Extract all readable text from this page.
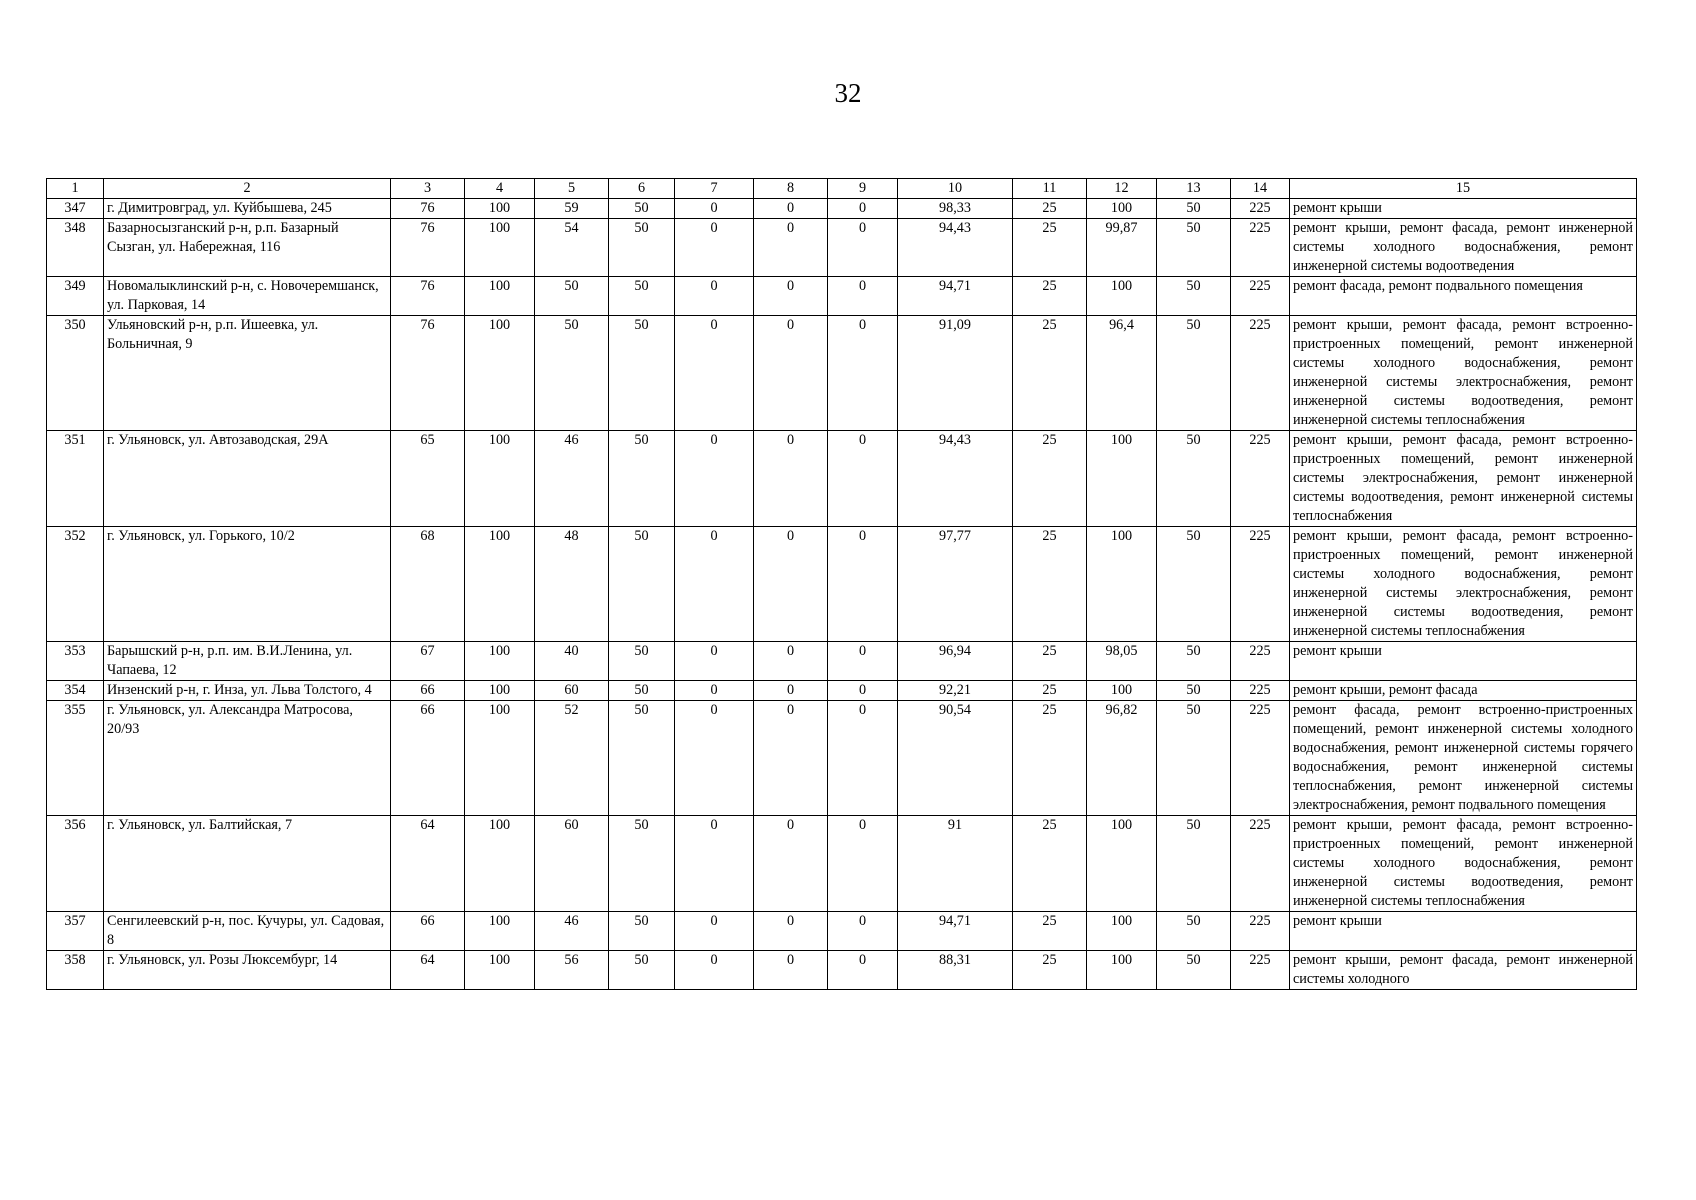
32
1	2	3	4	5	6	7	8	9	10	11	12	13	14	15
347	г. Димитровград, ул. Куйбышева, 245	76	100	59	50	0	0	0	98,33	25	100	50	225	ремонт крыши
348	Базарносызганский р-н, р.п. Базарный Сызган, ул. Набережная, 116	76	100	54	50	0	0	0	94,43	25	99,87	50	225	ремонт крыши, ремонт фасада, ремонт инженерной системы холодного водоснабжения, ремонт инженерной системы водоотведения
349	Новомалыклинский р-н, с. Новочеремшанск, ул. Парковая, 14	76	100	50	50	0	0	0	94,71	25	100	50	225	ремонт фасада, ремонт подвального помещения
350	Ульяновский р-н, р.п. Ишеевка, ул. Больничная, 9	76	100	50	50	0	0	0	91,09	25	96,4	50	225	ремонт крыши, ремонт фасада, ремонт встроенно-пристроенных помещений, ремонт инженерной системы холодного водоснабжения, ремонт инженерной системы электроснабжения, ремонт инженерной системы водоотведения, ремонт инженерной системы теплоснабжения
351	г. Ульяновск, ул. Автозаводская, 29А	65	100	46	50	0	0	0	94,43	25	100	50	225	ремонт крыши, ремонт фасада, ремонт встроенно-пристроенных помещений, ремонт инженерной системы электроснабжения, ремонт инженерной системы водоотведения, ремонт инженерной системы теплоснабжения
352	г. Ульяновск, ул. Горького, 10/2	68	100	48	50	0	0	0	97,77	25	100	50	225	ремонт крыши, ремонт фасада, ремонт встроенно-пристроенных помещений, ремонт инженерной системы холодного водоснабжения, ремонт инженерной системы электроснабжения, ремонт инженерной системы водоотведения, ремонт инженерной системы теплоснабжения
353	Барышский р-н, р.п. им. В.И.Ленина, ул. Чапаева, 12	67	100	40	50	0	0	0	96,94	25	98,05	50	225	ремонт крыши
354	Инзенский р-н, г. Инза, ул. Льва Толстого, 4	66	100	60	50	0	0	0	92,21	25	100	50	225	ремонт крыши, ремонт фасада
355	г. Ульяновск, ул. Александра Матросова, 20/93	66	100	52	50	0	0	0	90,54	25	96,82	50	225	ремонт фасада, ремонт встроенно-пристроенных помещений, ремонт инженерной системы холодного водоснабжения, ремонт инженерной системы горячего водоснабжения, ремонт инженерной системы теплоснабжения, ремонт инженерной системы электроснабжения, ремонт подвального помещения
356	г. Ульяновск, ул. Балтийская, 7	64	100	60	50	0	0	0	91	25	100	50	225	ремонт крыши, ремонт фасада, ремонт встроенно-пристроенных помещений, ремонт инженерной системы холодного водоснабжения, ремонт инженерной системы водоотведения, ремонт инженерной системы теплоснабжения
357	Сенгилеевский р-н, пос. Кучуры, ул. Садовая, 8	66	100	46	50	0	0	0	94,71	25	100	50	225	ремонт крыши
358	г. Ульяновск, ул. Розы Люксембург, 14	64	100	56	50	0	0	0	88,31	25	100	50	225	ремонт крыши, ремонт фасада, ремонт инженерной системы холодного
